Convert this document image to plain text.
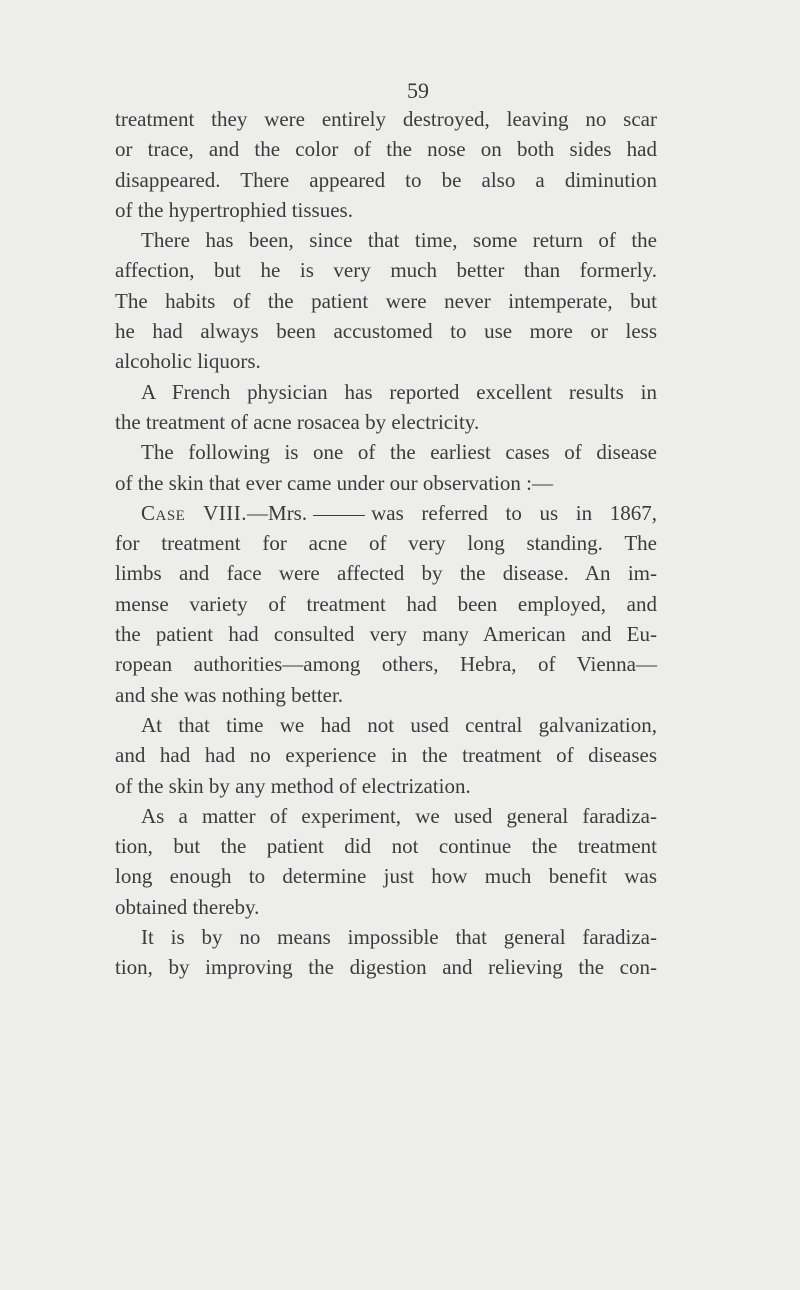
59
treatment they were entirely destroyed, leaving no scar
or trace, and the color of the nose on both sides had
disappeared. There appeared to be also a diminution
of the hypertrophied tissues.
There has been, since that time, some return of the
affection, but he is very much better than formerly.
The habits of the patient were never intemperate, but
he had always been accustomed to use more or less
alcoholic liquors.
A French physician has reported excellent results in
the treatment of acne rosacea by electricity.
The following is one of the earliest cases of disease
of the skin that ever came under our observation :—
Case VIII.—Mrs.	was referred to us in 1867,
for treatment for acne of very long standing. The
limbs and face were affected by the disease. An im-
mense variety of treatment had been employed, and
the patient had consulted very many American and Eu-
ropean authorities—among others, Hebra, of Vienna—
and she was nothing better.
At that time we had not used central galvanization,
and had had no experience in the treatment of diseases
of the skin by any method of electrization.
As a matter of experiment, we used general faradiza-
tion, but the patient did not continue the treatment
long enough to determine just how much benefit was
obtained thereby.
It is by no means impossible that general faradiza-
tion, by improving the digestion and relieving the con-
